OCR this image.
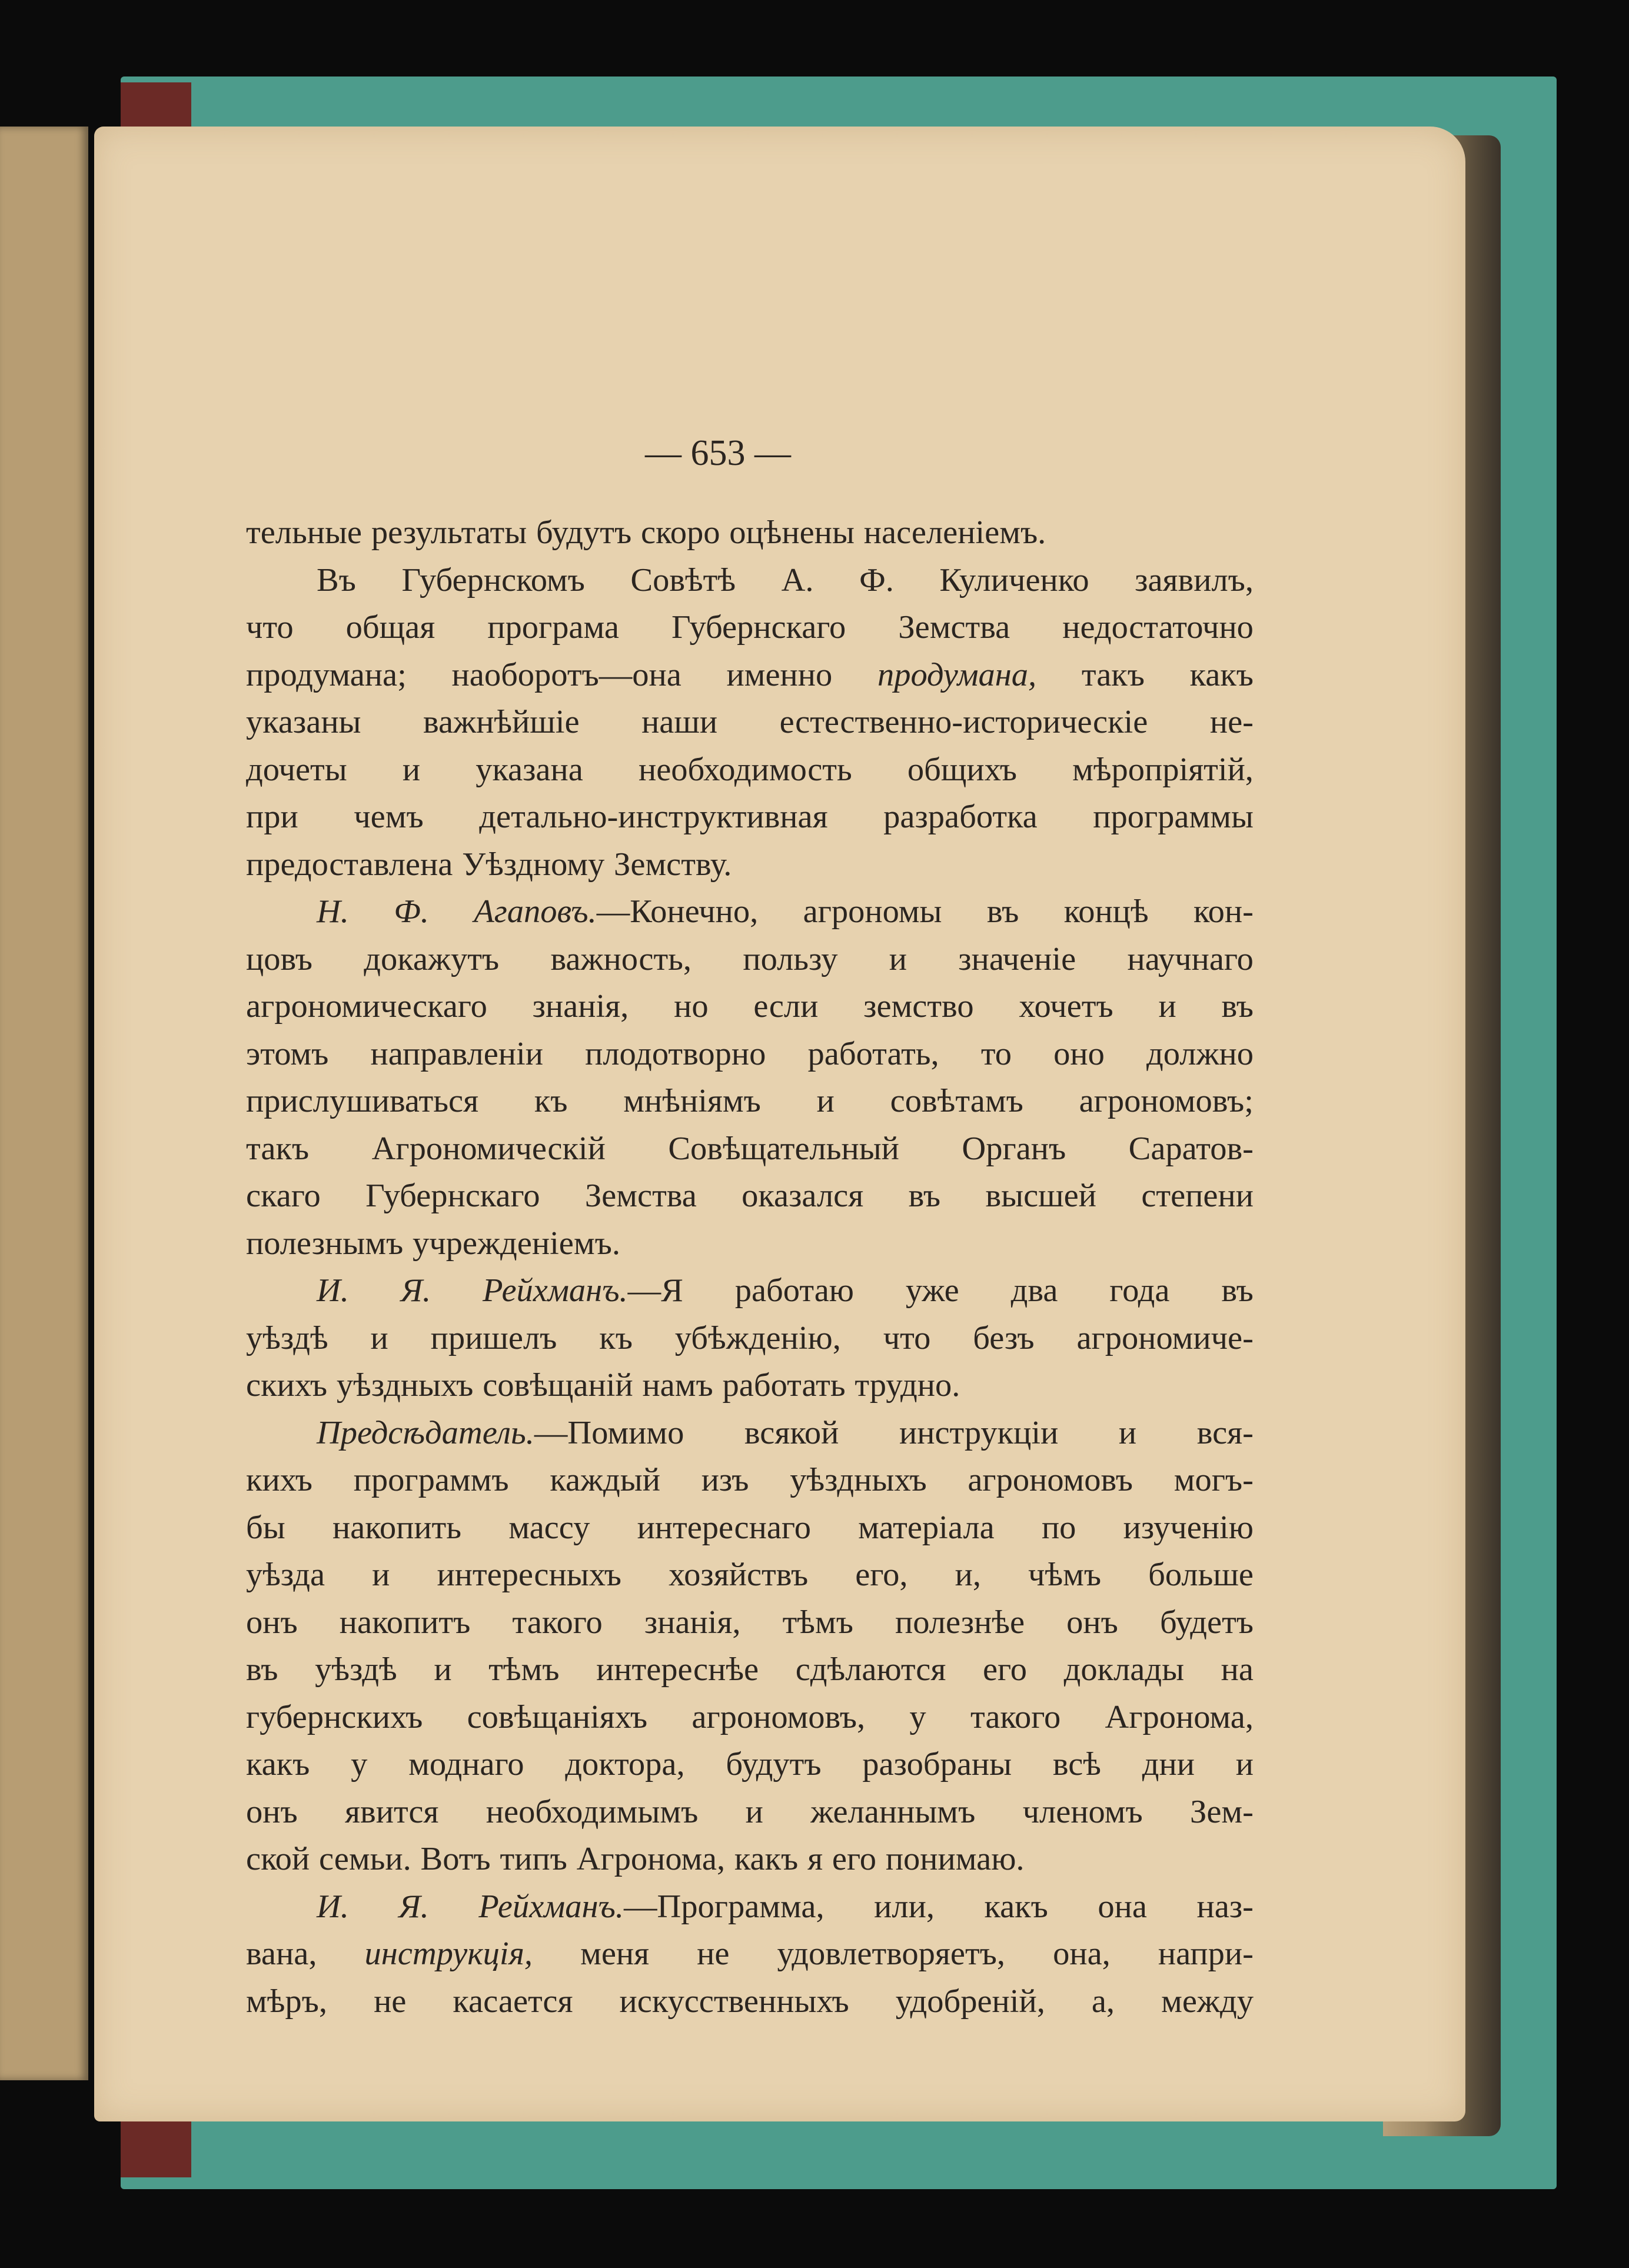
— 653 —
тельные результаты будутъ скоро оцѣнены населеніемъ.
Въ Губернскомъ Совѣтѣ А. Ф. Куличенко заявилъ,
что общая програма Губернскаго Земства недостаточно
продумана; наоборотъ—она именно продумана, такъ какъ
указаны важнѣйшіе наши естественно-историческіе не-
дочеты и указана необходимость общихъ мѣропріятій,
при чемъ детально-инструктивная разработка программы
предоставлена Уѣздному Земству.
Н. Ф. Агаповъ.—Конечно, агрономы въ концѣ кон-
цовъ докажутъ важность, пользу и значеніе научнаго
агрономическаго знанія, но если земство хочетъ и въ
этомъ направленіи плодотворно работать, то оно должно
прислушиваться къ мнѣніямъ и совѣтамъ агрономовъ;
такъ Агрономическій Совѣщательный Органъ Саратов-
скаго Губернскаго Земства оказался въ высшей степени
полезнымъ учрежденіемъ.
И. Я. Рейхманъ.—Я работаю уже два года въ
уѣздѣ и пришелъ къ убѣжденію, что безъ агрономиче-
скихъ уѣздныхъ совѣщаній намъ работать трудно.
Предсѣдатель.—Помимо всякой инструкціи и вся-
кихъ программъ каждый изъ уѣздныхъ агрономовъ могъ-
бы накопить массу интереснаго матеріала по изученію
уѣзда и интересныхъ хозяйствъ его, и, чѣмъ больше
онъ накопитъ такого знанія, тѣмъ полезнѣе онъ будетъ
въ уѣздѣ и тѣмъ интереснѣе сдѣлаются его доклады на
губернскихъ совѣщаніяхъ агрономовъ, у такого Агронома,
какъ у моднаго доктора, будутъ разобраны всѣ дни и
онъ явится необходимымъ и желаннымъ членомъ Зем-
ской семьи. Вотъ типъ Агронома, какъ я его понимаю.
И. Я. Рейхманъ.—Программа, или, какъ она наз-
вана, инструкція, меня не удовлетворяетъ, она, напри-
мѣръ, не касается искусственныхъ удобреній, а, между
